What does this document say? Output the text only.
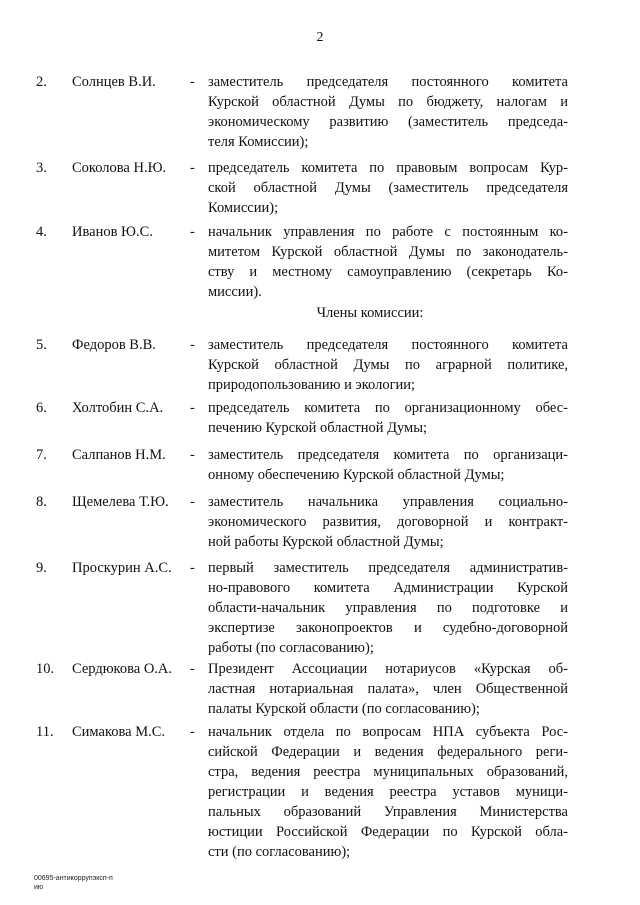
2
2.	Солнцев В.И. - заместитель председателя постоянного комитета
Курской областной Думы по бюджету, налогам и
экономическому развитию (заместитель председа-
теля Комиссии);
3.	Соколова Н.Ю. - председатель комитета по правовым вопросам Кур-
ской областной Думы (заместитель председателя
Комиссии);
4.	Иванов Ю.С.	- начальник управления по работе с постоянным ко-
митетом Курской областной Думы по законодатель-
ству и местному самоуправлению (секретарь Ко-
миссии).
Члены комиссии:
5.	Федоров В.В. - заместитель председателя постоянного комитета
Курской областной Думы по аграрной политике,
природопользованию и экологии;
6.	Холтобин С.А. - председатель комитета по организационному обес-
печению Курской областной Думы;
7.	Салпанов Н.М. - заместитель председателя комитета по организаци-
онному обеспечению Курской областной Думы;
8.	Щемелева Т.Ю. - заместитель начальника управления социально-
экономического развития, договорной и контракт-
ной работы Курской областной Думы;
9.	Проскурин А.С. - первый заместитель председателя административ-
но-правового комитета Администрации Курской
области-начальник управления по подготовке и
экспертизе законопроектов и судебно-договорной
работы (по согласованию);
10.	Сердюкова О.А. - Президент Ассоциации нотариусов «Курская об-
ластная нотариальная палата», член Общественной
палаты Курской области (по согласованию);
11.	Симакова М.С. - начальник отдела по вопросам НПА субъекта Рос-
сийской Федерации и ведения федерального реги-
стра, ведения реестра муниципальных образований,
регистрации и ведения реестра уставов муници-
пальных образований Управления Министерства
юстиции Российской Федерации по Курской обла-
сти (по согласованию);
00695-антикоррупэксп-п
ию
